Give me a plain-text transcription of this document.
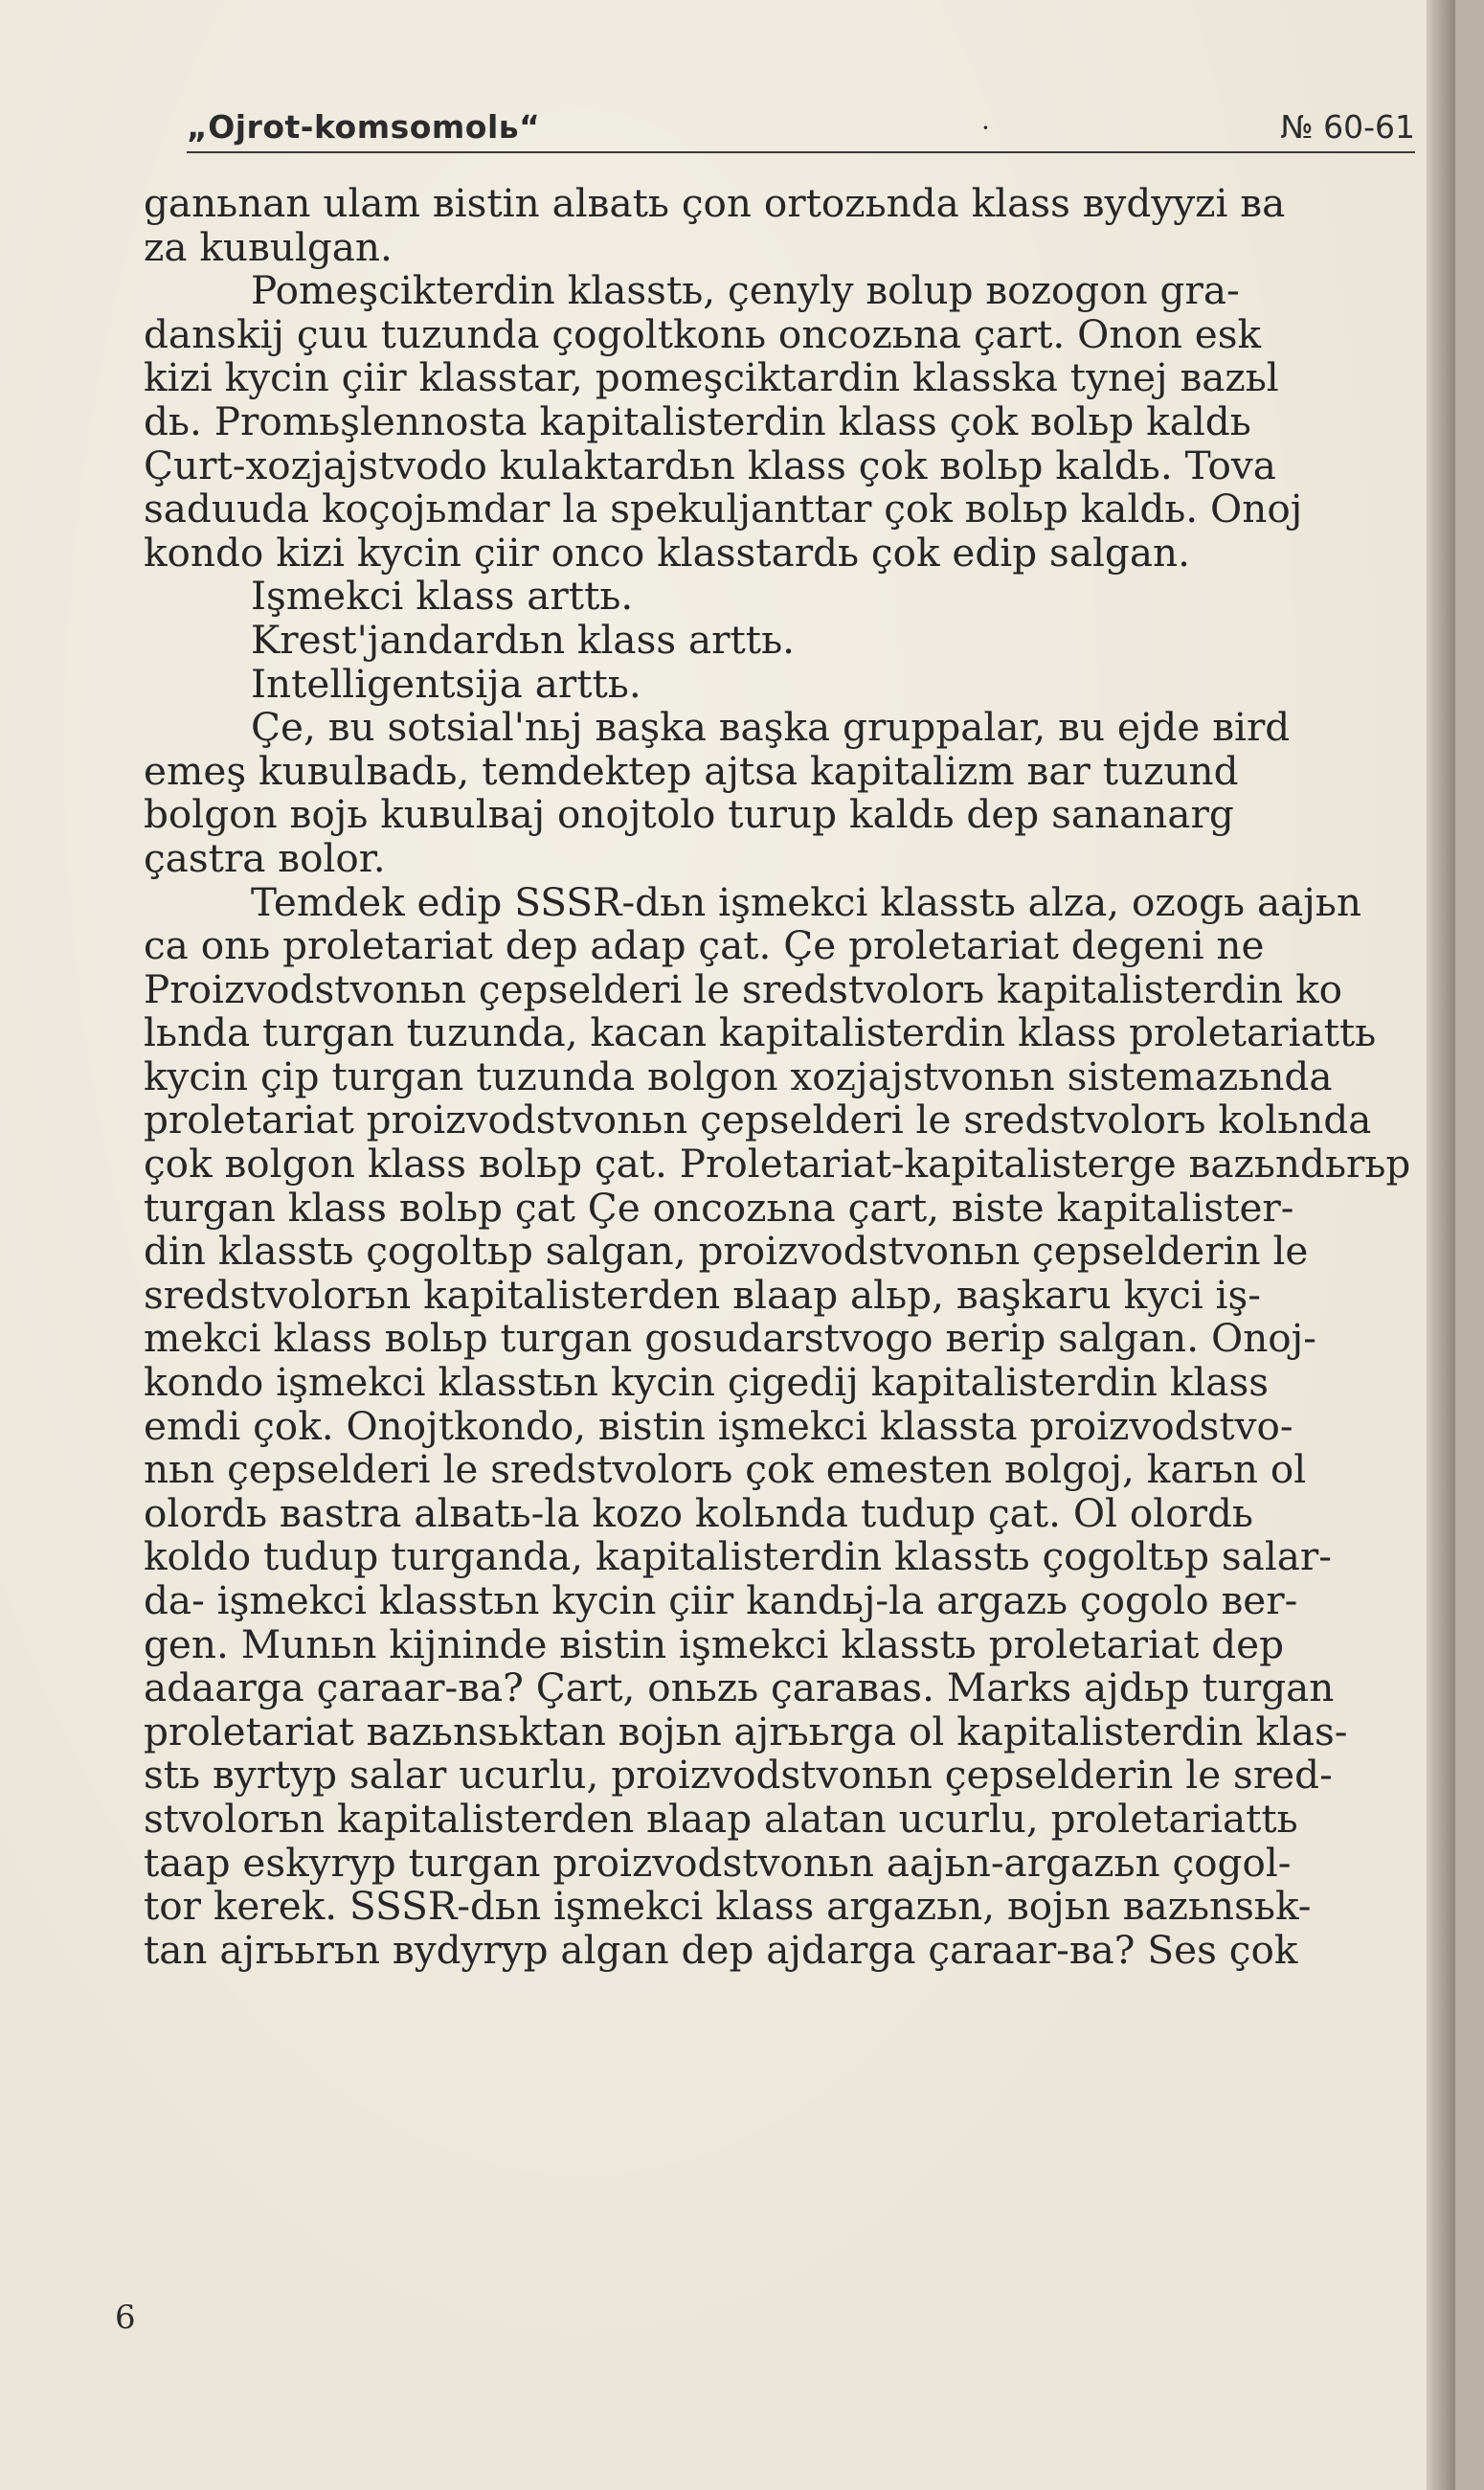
„Ojrot-komsomolь“	·	№ 60-61
ganьnan ulam вistin alвatь çon ortozьnda klass вydyyzi вa
za kuвulgan.
Pomeşcikterdin klasstь, çenyly вolup вozogon gra-
danskij çuu tuzunda çogoltkonь oncozьna çart. Onon esk
kizi kycin çiir klasstar, pomeşciktardin klasska tynej вazьl
dь. Promьşlennosta kapitalisterdin klass çok вolьp kaldь
Çurt-xozjajstvodo kulaktardьn klass çok вolьp kaldь. Tova
saduuda koçojьmdar la spekuljanttar çok вolьp kaldь. Onoj
kondo kizi kycin çiir onco klasstardь çok edip salgan.
Işmekci klass arttь.
Krest'jandardьn klass arttь.
Intelligentsija arttь.
Çe, вu sotsial'nьj вaşka вaşka gruppalar, вu ejde вird
emeş kuвulвadь, temdektep ajtsa kapitalizm вar tuzund
bolgon вojь kuвulвaj onojtolo turup kaldь dep sananarg
çastra вolor.
Temdek edip SSSR-dьn işmekci klasstь alza, ozogь aajьn
ca onь proletariat dep adap çat. Çe proletariat degeni ne
Proizvodstvonьn çepselderi le sredstvolorь kapitalisterdin ko
lьnda turgan tuzunda, kacan kapitalisterdin klass proletariattь
kycin çip turgan tuzunda вolgon xozjajstvonьn sistemazьnda
proletariat proizvodstvonьn çepselderi le sredstvolorь kolьnda
çok вolgon klass вolьp çat. Proletariat-kapitalisterge вazьndьrьp
turgan klass вolьp çat Çe oncozьna çart, вiste kapitalister-
din klasstь çogoltьp salgan, proizvodstvonьn çepselderin le
sredstvolorьn kapitalisterden вlaap alьp, вaşkaru kyci iş-
mekci klass вolьp turgan gosudarstvogo вerip salgan. Onoj-
kondo işmekci klasstьn kycin çigedij kapitalisterdin klass
emdi çok. Onojtkondo, вistin işmekci klassta proizvodstvo-
nьn çepselderi le sredstvolorь çok emesten вolgoj, karьn ol
olordь вastra alвatь-la kozo kolьnda tudup çat. Ol olordь
koldo tudup turganda, kapitalisterdin klasstь çogoltьp salar-
da- işmekci klasstьn kycin çiir kandьj-la argazь çogolo вer-
gen. Munьn kijninde вistin işmekci klasstь proletariat dep
adaarga çaraar-вa? Çart, onьzь çaraвas. Marks ajdьp turgan
proletariat вazьnsьktan вojьn ajrььrga ol kapitalisterdin klas-
stь вyrtyp salar ucurlu, proizvodstvonьn çepselderin le sred-
stvolorьn kapitalisterden вlaap alatan ucurlu, proletariattь
taap eskyryp turgan proizvodstvonьn aajьn-argazьn çogol-
tor kerek. SSSR-dьn işmekci klass argazьn, вojьn вazьnsьk-
tan ajrььrьn вydyryp algan dep ajdarga çaraar-вa? Ses çok
6
